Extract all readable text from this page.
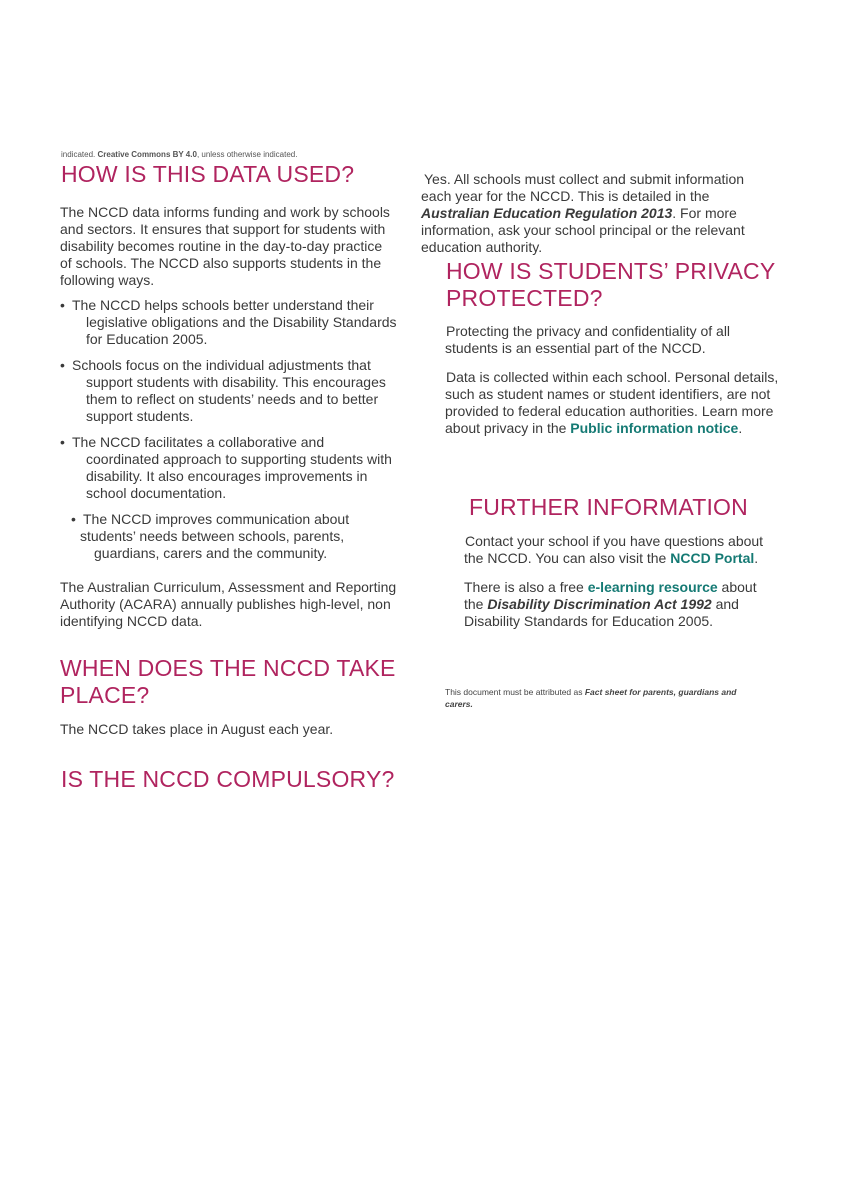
indicated. Creative Commons BY 4.0, unless otherwise indicated.
HOW IS THIS DATA USED?
The NCCD data informs funding and work by schools
and sectors. It ensures that support for students with
disability becomes routine in the day-to-day practice
of schools. The NCCD also supports students in the
following ways.
• The NCCD helps schools better understand their
legislative obligations and the Disability Standards
for Education 2005.
• Schools focus on the individual adjustments that
support students with disability. This encourages
them to reflect on students’ needs and to better
support students.
• The NCCD facilitates a collaborative and
coordinated approach to supporting students with
disability. It also encourages improvements in
school documentation.
• The NCCD improves communication about
students’ needs between schools, parents,
guardians, carers and the community.
The Australian Curriculum, Assessment and Reporting
Authority (ACARA) annually publishes high-level, non
identifying NCCD data.
WHEN DOES THE NCCD TAKE
PLACE?
The NCCD takes place in August each year.
IS THE NCCD COMPULSORY?
Yes. All schools must collect and submit information
each year for the NCCD. This is detailed in the
Australian Education Regulation 2013. For more
information, ask your school principal or the relevant
education authority.
HOW IS STUDENTS’ PRIVACY
PROTECTED?
Protecting the privacy and confidentiality of all
students is an essential part of the NCCD.
Data is collected within each school. Personal details,
such as student names or student identifiers, are not
provided to federal education authorities. Learn more
about privacy in the Public information notice.
FURTHER INFORMATION
Contact your school if you have questions about
the NCCD. You can also visit the NCCD Portal.
There is also a free e-learning resource about
the Disability Discrimination Act 1992 and
Disability Standards for Education 2005.
This document must be attributed as Fact sheet for parents, guardians and
carers.
